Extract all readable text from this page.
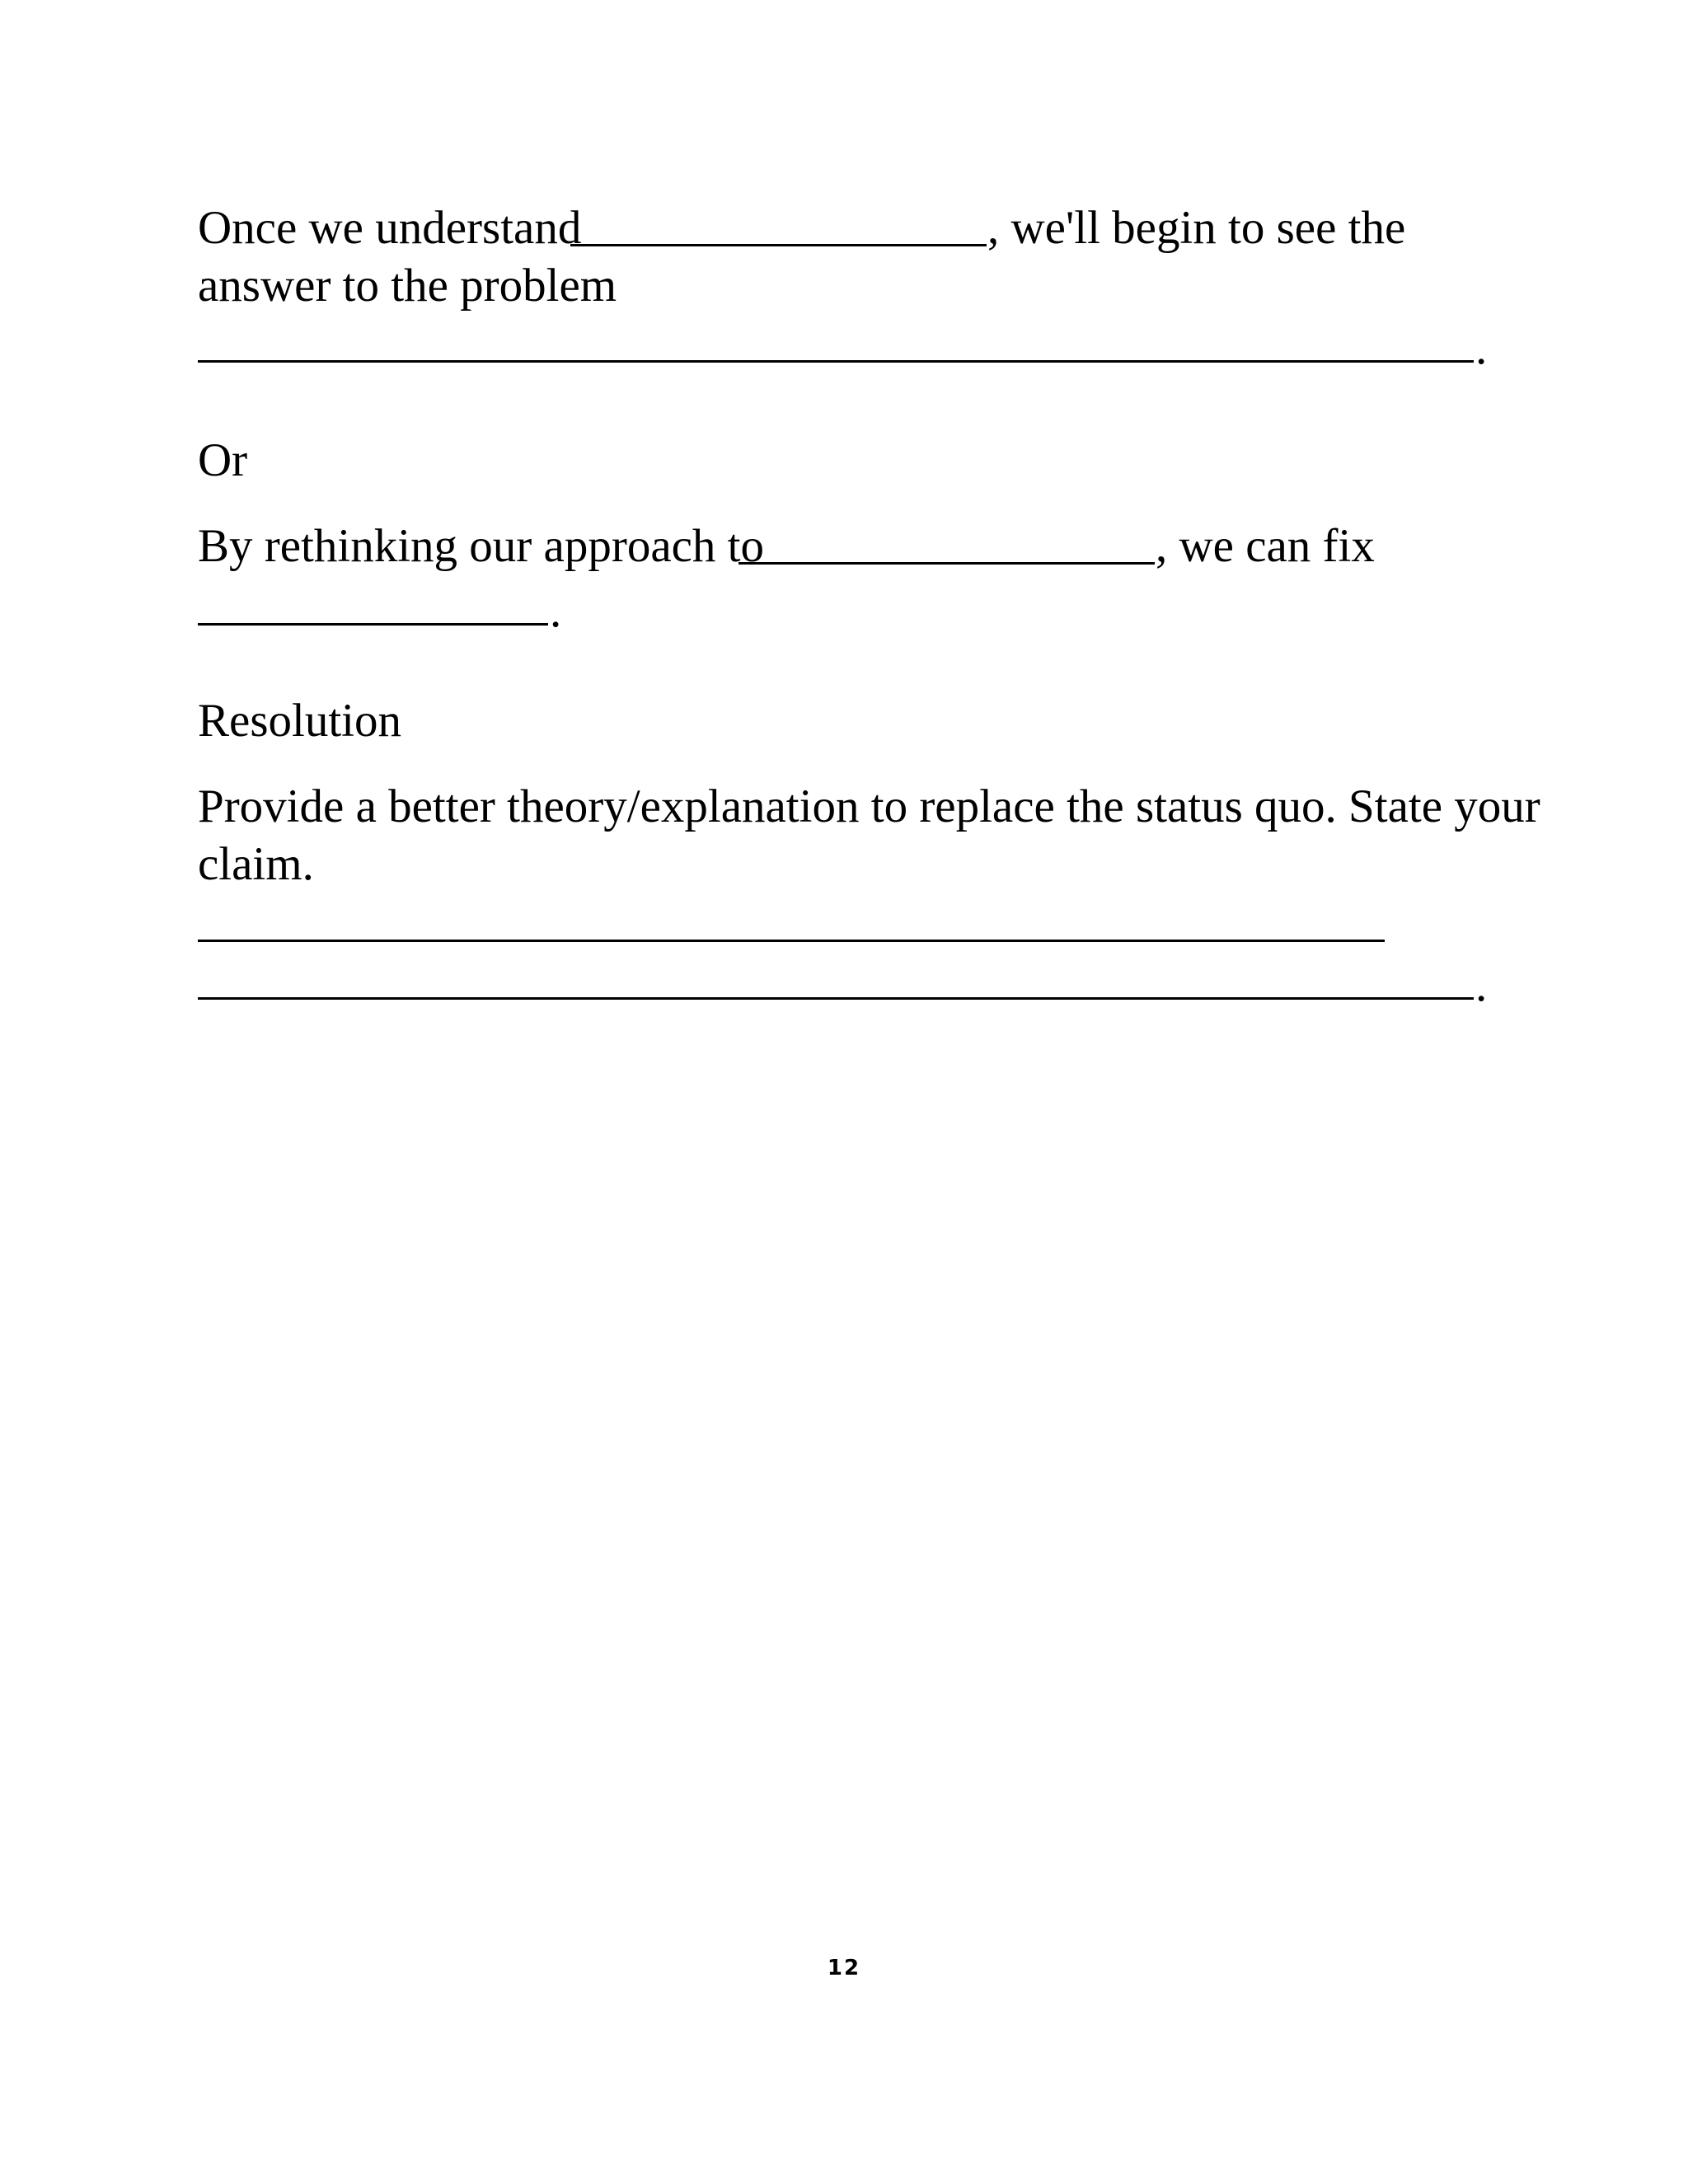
Once we understand	, we'll begin to see the

answer to the problem

.

Or

By rethinking our approach to	, we can fix

.

Resolution

Provide a better theory/explanation to replace the status quo. State your

claim.

.

12
